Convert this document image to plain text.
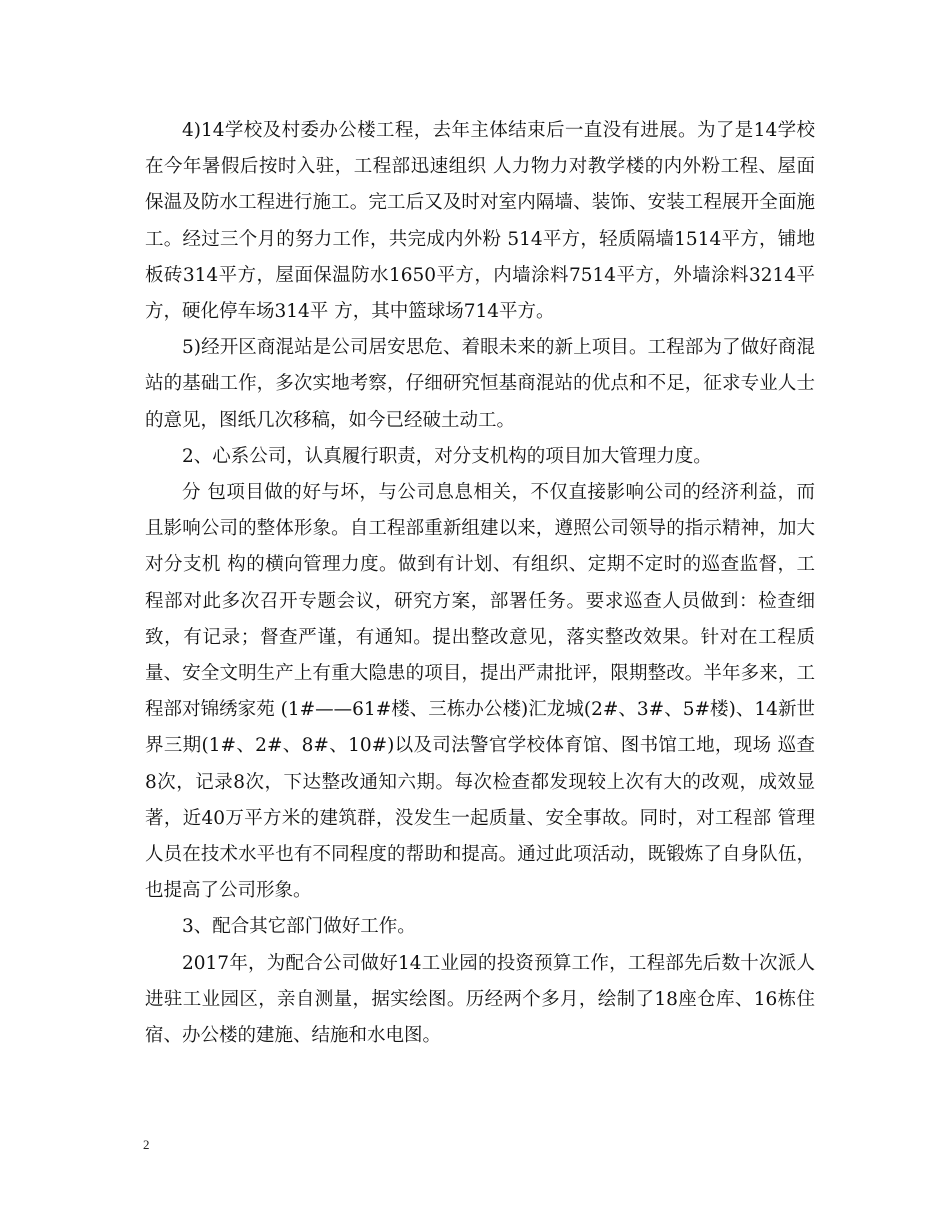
4)14学校及村委办公楼工程，去年主体结束后一直没有进展。为了是14学校在今年暑假后按时入驻，工程部迅速组织 人力物力对教学楼的内外粉工程、屋面保温及防水工程进行施工。完工后又及时对室内隔墙、装饰、安装工程展开全面施工。经过三个月的努力工作，共完成内外粉 514平方，轻质隔墙1514平方，铺地板砖314平方，屋面保温防水1650平方，内墙涂料7514平方，外墙涂料3214平方，硬化停车场314平 方，其中篮球场714平方。

5)经开区商混站是公司居安思危、着眼未来的新上项目。工程部为了做好商混站的基础工作，多次实地考察，仔细研究恒基商混站的优点和不足，征求专业人士的意见，图纸几次移稿，如今已经破土动工。

2、心系公司，认真履行职责，对分支机构的项目加大管理力度。

分 包项目做的好与坏，与公司息息相关，不仅直接影响公司的经济利益，而且影响公司的整体形象。自工程部重新组建以来，遵照公司领导的指示精神，加大对分支机 构的横向管理力度。做到有计划、有组织、定期不定时的巡查监督，工程部对此多次召开专题会议，研究方案，部署任务。要求巡查人员做到：检查细致，有记录；督查严谨，有通知。提出整改意见，落实整改效果。针对在工程质量、安全文明生产上有重大隐患的项目，提出严肃批评，限期整改。半年多来，工程部对锦绣家苑 (1#——61#楼、三栋办公楼)汇龙城(2#、3#、5#楼)、14新世界三期(1#、2#、8#、10#)以及司法警官学校体育馆、图书馆工地，现场 巡查8次，记录8次，下达整改通知六期。每次检查都发现较上次有大的改观，成效显著，近40万平方米的建筑群，没发生一起质量、安全事故。同时，对工程部 管理人员在技术水平也有不同程度的帮助和提高。通过此项活动，既锻炼了自身队伍，也提高了公司形象。

3、配合其它部门做好工作。

2017年，为配合公司做好14工业园的投资预算工作，工程部先后数十次派人进驻工业园区，亲自测量，据实绘图。历经两个多月，绘制了18座仓库、16栋住宿、办公楼的建施、结施和水电图。

2
